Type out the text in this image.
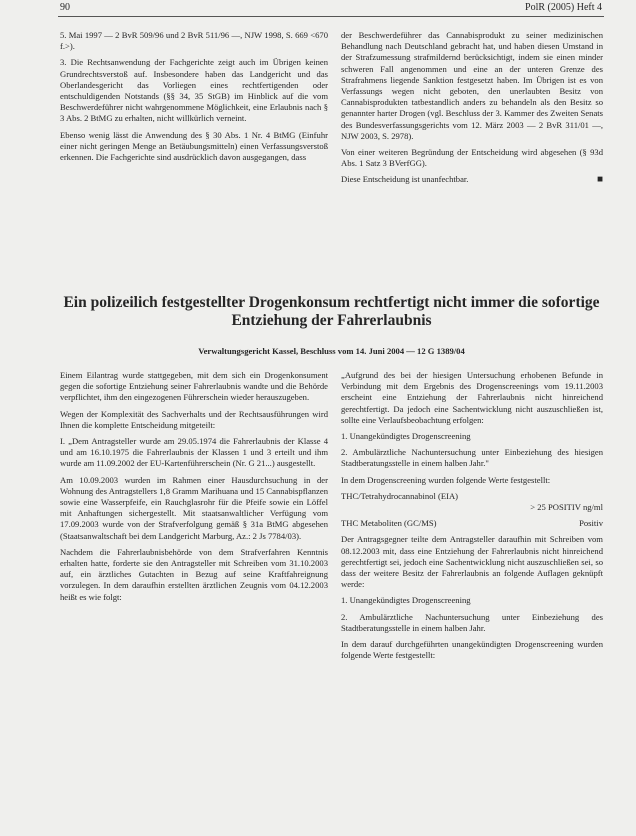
90	PolR (2005) Heft 4

5. Mai 1997 — 2 BvR 509/96 und 2 BvR 511/96 —, NJW 1998, S. 669 <670 f.>).

3. Die Rechtsanwendung der Fachgerichte zeigt auch im Übrigen keinen Grundrechtsverstoß auf. Insbesondere haben das Landgericht und das Oberlandesgericht das Vorliegen eines rechtfertigenden oder entschuldigenden Notstands (§§ 34, 35 StGB) im Hinblick auf die vom Beschwerdeführer nicht wahrgenommene Möglichkeit, eine Erlaubnis nach § 3 Abs. 2 BtMG zu erhalten, nicht willkürlich verneint.

Ebenso wenig lässt die Anwendung des § 30 Abs. 1 Nr. 4 BtMG (Einfuhr einer nicht geringen Menge an Betäubungsmitteln) einen Verfassungsverstoß erkennen. Die Fachgerichte sind ausdrücklich davon ausgegangen, dass

der Beschwerdeführer das Cannabisprodukt zu seiner medizinischen Behandlung nach Deutschland gebracht hat, und haben diesen Umstand in der Strafzumessung strafmildernd berücksichtigt, indem sie einen minder schweren Fall angenommen und eine an der unteren Grenze des Strafrahmens liegende Sanktion festgesetzt haben. Im Übrigen ist es von Verfassungs wegen nicht geboten, den unerlaubten Besitz von Cannabisprodukten tatbestandlich anders zu behandeln als den Besitz so genannter harter Drogen (vgl. Beschluss der 3. Kammer des Zweiten Senats des Bundesverfassungsgerichts vom 12. März 2003 — 2 BvR 311/01 —, NJW 2003, S. 2978).

Von einer weiteren Begründung der Entscheidung wird abgesehen (§ 93d Abs. 1 Satz 3 BVerfGG).

Diese Entscheidung ist unanfechtbar.	■

Ein polizeilich festgestellter Drogenkonsum rechtfertigt nicht immer die sofortige Entziehung der Fahrerlaubnis
Verwaltungsgericht Kassel, Beschluss vom 14. Juni 2004 — 12 G 1389/04

Einem Eilantrag wurde stattgegeben, mit dem sich ein Drogenkonsument gegen die sofortige Entziehung seiner Fahrerlaubnis wandte und die Behörde verpflichtet, ihm den eingezogenen Führerschein wieder herauszugeben.

Wegen der Komplexität des Sachverhalts und der Rechtsausführungen wird Ihnen die komplette Entscheidung mitgeteilt:

I. „Dem Antragsteller wurde am 29.05.1974 die Fahrerlaubnis der Klasse 4 und am 16.10.1975 die Fahrerlaubnis der Klassen 1 und 3 erteilt und ihm wurde am 11.09.2002 der EU-Kartenführerschein (Nr. G 21...) ausgestellt.

Am 10.09.2003 wurden im Rahmen einer Hausdurchsuchung in der Wohnung des Antragstellers 1,8 Gramm Marihuana und 15 Cannabispflanzen sowie eine Wasserpfeife, ein Rauchglasrohr für die Pfeife sowie ein Löffel mit Anhaftungen sichergestellt. Mit staatsanwaltlicher Verfügung vom 17.09.2003 wurde von der Strafverfolgung gemäß § 31a BtMG abgesehen (Staatsanwaltschaft bei dem Landgericht Marburg, Az.: 2 Js 7784/03).

Nachdem die Fahrerlaubnisbehörde von dem Strafverfahren Kenntnis erhalten hatte, forderte sie den Antragsteller mit Schreiben vom 31.10.2003 auf, ein ärztliches Gutachten in Bezug auf seine Kraftfahreignung vorzulegen. In dem daraufhin erstellten ärztlichen Zeugnis vom 04.12.2003 heißt es wie folgt:

„Aufgrund des bei der hiesigen Untersuchung erhobenen Befunde in Verbindung mit dem Ergebnis des Drogenscreenings vom 19.11.2003 erscheint eine Entziehung der Fahrerlaubnis nicht hinreichend gerechtfertigt. Da jedoch eine Sachentwicklung nicht auszuschließen ist, sollte eine Verlaufsbeobachtung erfolgen:

1. Unangekündigtes Drogenscreening

2. Ambulärztliche Nachuntersuchung unter Einbeziehung des hiesigen Stadtberatungsstelle in einem halben Jahr."

In dem Drogenscreening wurden folgende Werte festgestellt:

THC/Tetrahydrocannabinol (EIA)

> 25 POSITIV ng/ml

THC Metaboliten (GC/MS)	Positiv

Der Antragsgegner teilte dem Antragsteller daraufhin mit Schreiben vom 08.12.2003 mit, dass eine Entziehung der Fahrerlaubnis nicht hinreichend gerechtfertigt sei, jedoch eine Sachentwicklung nicht auszuschließen sei, so dass der weitere Besitz der Fahrerlaubnis an folgende Auflagen geknüpft werde:

1. Unangekündigtes Drogenscreening

2. Ambulärztliche Nachuntersuchung unter Einbeziehung des Stadtberatungsstelle in einem halben Jahr.

In dem darauf durchgeführten unangekündigten Drogenscreening wurden folgende Werte festgestellt:
